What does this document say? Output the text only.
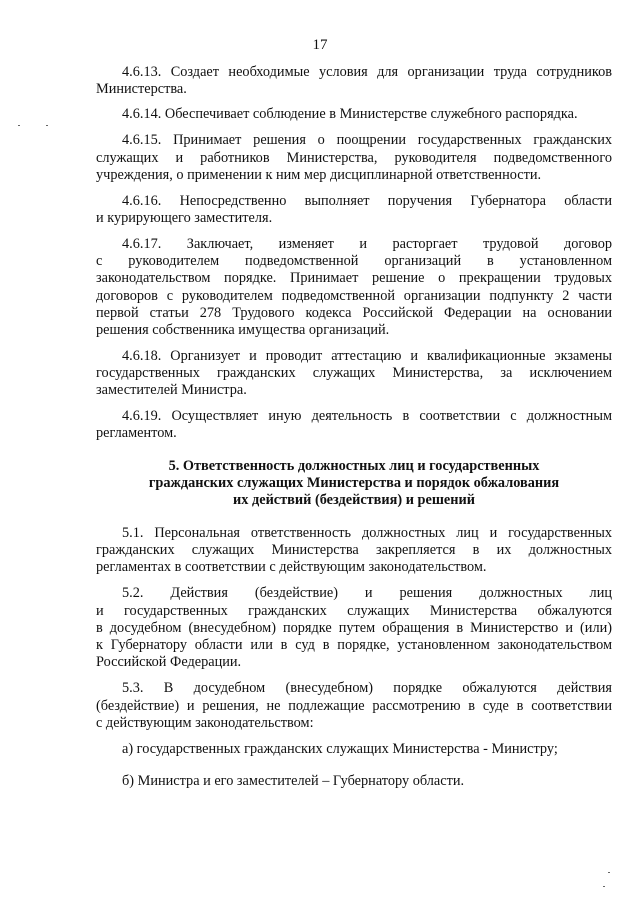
17
4.6.13. Создает необходимые условия для организации труда сотрудников
Министерства.
4.6.14. Обеспечивает соблюдение в Министерстве служебного распорядка.
4.6.15. Принимает решения о поощрении государственных гражданских
служащих и работников Министерства, руководителя подведомственного
учреждения, о применении к ним мер дисциплинарной ответственности.
4.6.16. Непосредственно выполняет поручения Губернатора области
и курирующего заместителя.
4.6.17. Заключает, изменяет и расторгает трудовой договор
с руководителем подведомственной организаций в установленном
законодательством порядке. Принимает решение о прекращении трудовых
договоров с руководителем подведомственной организации подпункту 2 части
первой статьи 278 Трудового кодекса Российской Федерации на основании
решения собственника имущества организаций.
4.6.18. Организует и проводит аттестацию и квалификационные экзамены
государственных гражданских служащих Министерства, за исключением
заместителей Министра.
4.6.19. Осуществляет иную деятельность в соответствии с должностным
регламентом.
5. Ответственность должностных лиц и государственных
гражданских служащих Министерства и порядок обжалования
их действий (бездействия) и решений
5.1. Персональная ответственность должностных лиц и государственных
гражданских служащих Министерства закрепляется в их должностных
регламентах в соответствии с действующим законодательством.
5.2. Действия (бездействие) и решения должностных лиц
и государственных гражданских служащих Министерства обжалуются
в досудебном (внесудебном) порядке путем обращения в Министерство и (или)
к Губернатору области или в суд в порядке, установленном законодательством
Российской Федерации.
5.3. В досудебном (внесудебном) порядке обжалуются действия
(бездействие) и решения, не подлежащие рассмотрению в суде в соответствии
с действующим законодательством:
а) государственных гражданских служащих Министерства - Министру;
б) Министра и его заместителей – Губернатору области.
